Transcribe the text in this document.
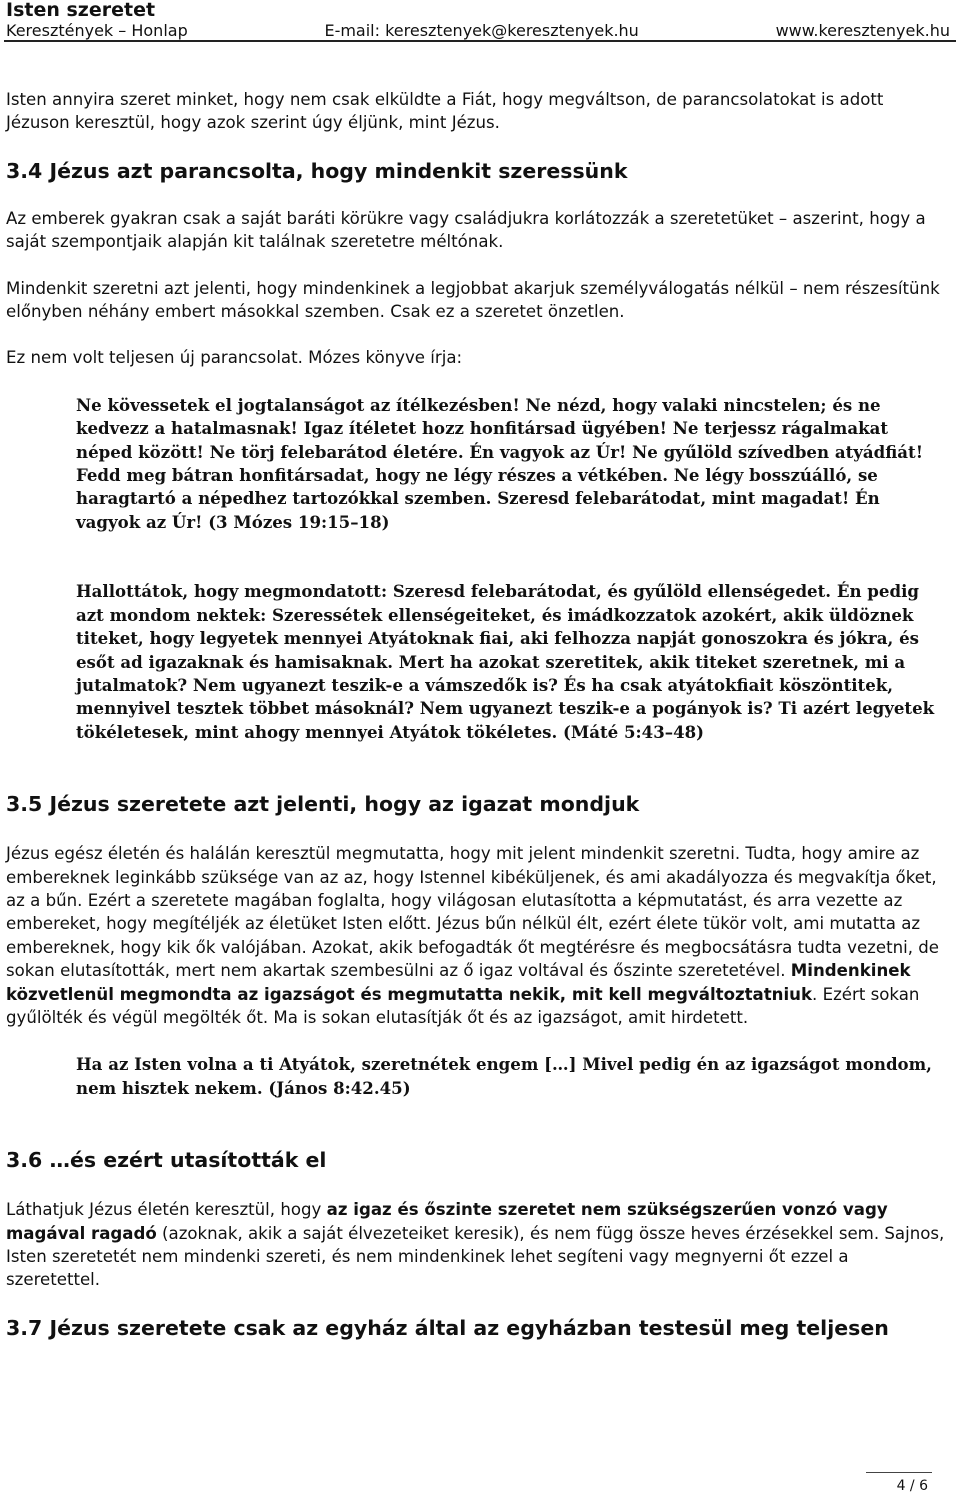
Isten szeretet
Keresztények – Honlap	E-mail: keresztenyek@keresztenyek.hu	www.keresztenyek.hu

Isten annyira szeret minket, hogy nem csak elküldte a Fiát, hogy megváltson, de parancsolatokat is adott Jézuson keresztül, hogy azok szerint úgy éljünk, mint Jézus.

3.4 Jézus azt parancsolta, hogy mindenkit szeressünk

Az emberek gyakran csak a saját baráti körükre vagy családjukra korlátozzák a szeretetüket – aszerint, hogy a saját szempontjaik alapján kit találnak szeretetre méltónak.

Mindenkit szeretni azt jelenti, hogy mindenkinek a legjobbat akarjuk személyválogatás nélkül – nem részesítünk előnyben néhány embert másokkal szemben. Csak ez a szeretet önzetlen.

Ez nem volt teljesen új parancsolat. Mózes könyve írja:

Ne kövessetek el jogtalanságot az ítélkezésben! Ne nézd, hogy valaki nincstelen; és ne kedvezz a hatalmasnak! Igaz ítéletet hozz honfitársad ügyében! Ne terjessz rágalmakat néped között! Ne törj felebarátod életére. Én vagyok az Úr! Ne gyűlöld szívedben atyádfiát! Fedd meg bátran honfitársadat, hogy ne légy részes a vétkében. Ne légy bosszúálló, se haragtartó a népedhez tartozókkal szemben. Szeresd felebarátodat, mint magadat! Én vagyok az Úr! (3 Mózes 19:15–18)
Hallottátok, hogy megmondatott: Szeresd felebarátodat, és gyűlöld ellenségedet. Én pedig azt mondom nektek: Szeressétek ellenségeiteket, és imádkozzatok azokért, akik üldöznek titeket, hogy legyetek mennyei Atyátoknak fiai, aki felhozza napját gonoszokra és jókra, és esőt ad igazaknak és hamisaknak. Mert ha azokat szeretitek, akik titeket szeretnek, mi a jutalmatok? Nem ugyanezt teszik-e a vámszedők is? És ha csak atyátokfiait köszöntitek, mennyivel tesztek többet másoknál? Nem ugyanezt teszik-e a pogányok is? Ti azért legyetek tökéletesek, mint ahogy mennyei Atyátok tökéletes. (Máté 5:43–48)
3.5 Jézus szeretete azt jelenti, hogy az igazat mondjuk

Jézus egész életén és halálán keresztül megmutatta, hogy mit jelent mindenkit szeretni. Tudta, hogy amire az embereknek leginkább szüksége van az az, hogy Istennel kibéküljenek, és ami akadályozza és megvakítja őket, az a bűn. Ezért a szeretete magában foglalta, hogy világosan elutasította a képmutatást, és arra vezette az embereket, hogy megítéljék az életüket Isten előtt. Jézus bűn nélkül élt, ezért élete tükör volt, ami mutatta az embereknek, hogy kik ők valójában. Azokat, akik befogadták őt megtérésre és megbocsátásra tudta vezetni, de sokan elutasították, mert nem akartak szembesülni az ő igaz voltával és őszinte szeretetével. Mindenkinek közvetlenül megmondta az igazságot és megmutatta nekik, mit kell megváltoztatniuk. Ezért sokan gyűlölték és végül megölték őt. Ma is sokan elutasítják őt és az igazságot, amit hirdetett.

Ha az Isten volna a ti Atyátok, szeretnétek engem […] Mivel pedig én az igazságot mondom, nem hisztek nekem. (János 8:42.45)
3.6 …és ezért utasították el

Láthatjuk Jézus életén keresztül, hogy az igaz és őszinte szeretet nem szükségszerűen vonzó vagy magával ragadó (azoknak, akik a saját élvezeteiket keresik), és nem függ össze heves érzésekkel sem. Sajnos, Isten szeretetét nem mindenki szereti, és nem mindenkinek lehet segíteni vagy megnyerni őt ezzel a szeretettel.

3.7 Jézus szeretete csak az egyház által az egyházban testesül meg teljesen
4 / 6
